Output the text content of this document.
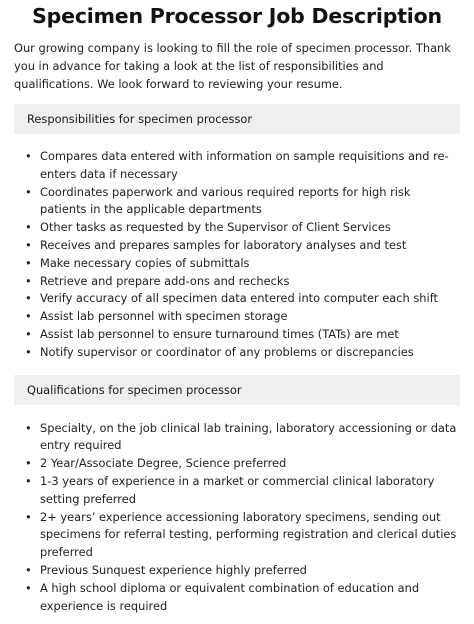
Specimen Processor Job Description

Our growing company is looking to fill the role of specimen processor. Thank you in advance for taking a look at the list of responsibilities and qualifications. We look forward to reviewing your resume.

Responsibilities for specimen processor
• Compares data entered with information on sample requisitions and re-enters data if necessary
• Coordinates paperwork and various required reports for high risk patients in the applicable departments
• Other tasks as requested by the Supervisor of Client Services
• Receives and prepares samples for laboratory analyses and test
• Make necessary copies of submittals
• Retrieve and prepare add-ons and rechecks
• Verify accuracy of all specimen data entered into computer each shift
• Assist lab personnel with specimen storage
• Assist lab personnel to ensure turnaround times (TATs) are met
• Notify supervisor or coordinator of any problems or discrepancies
Qualifications for specimen processor
• Specialty, on the job clinical lab training, laboratory accessioning or data entry required
• 2 Year/Associate Degree, Science preferred
• 1-3 years of experience in a market or commercial clinical laboratory setting preferred
• 2+ years’ experience accessioning laboratory specimens, sending out specimens for referral testing, performing registration and clerical duties preferred
• Previous Sunquest experience highly preferred
• A high school diploma or equivalent combination of education and experience is required
